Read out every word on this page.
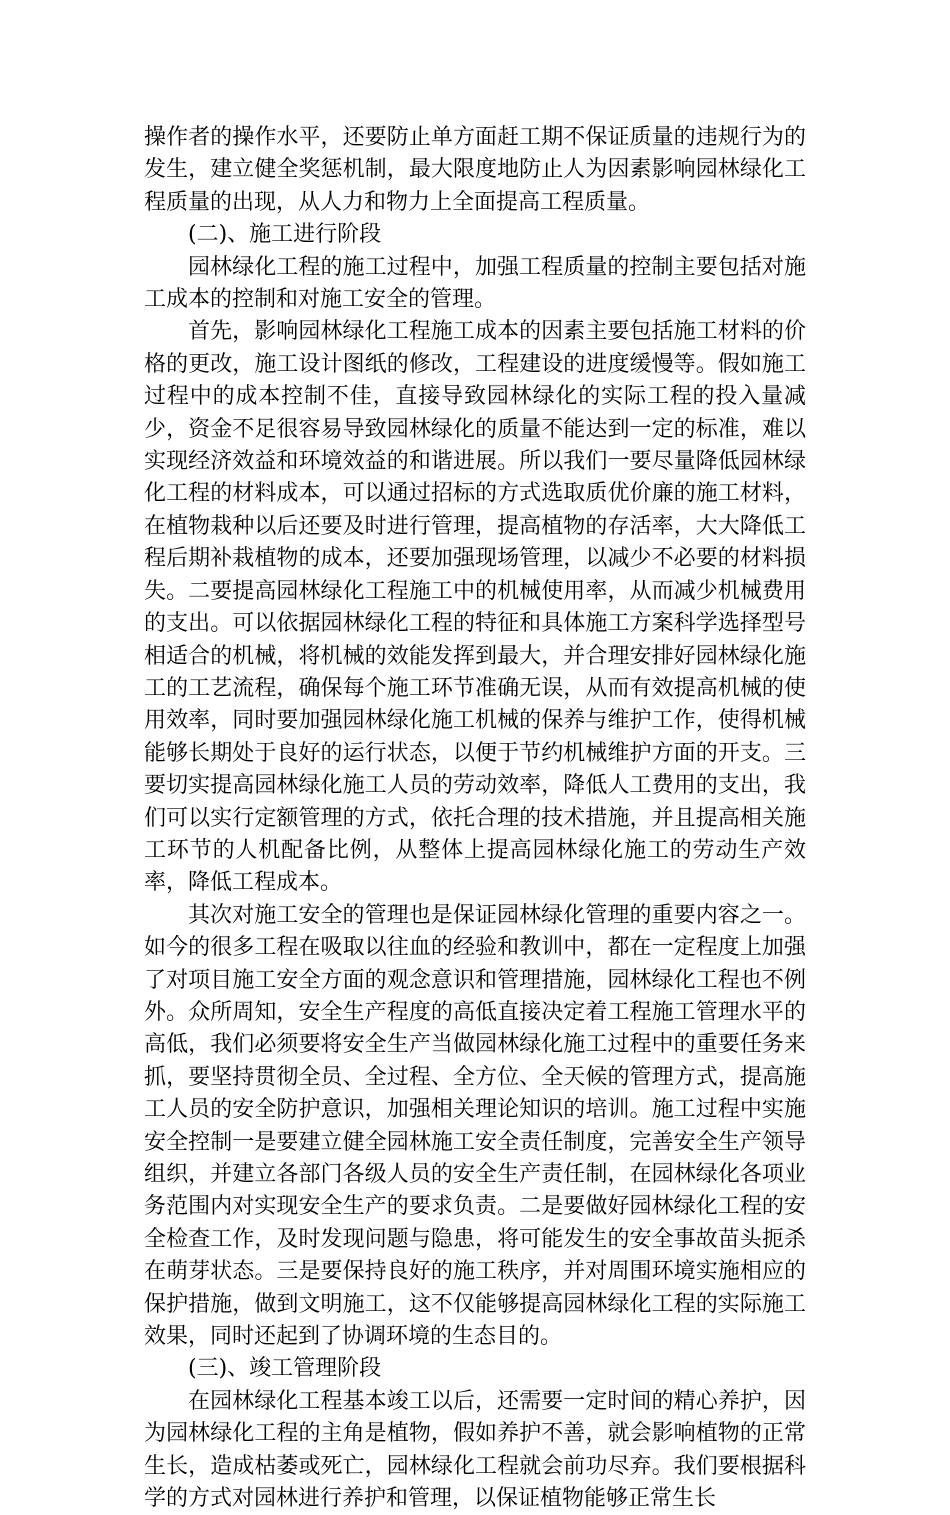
操作者的操作水平，还要防止单方面赶工期不保证质量的违规行为的发生，建立健全奖惩机制，最大限度地防止人为因素影响园林绿化工程质量的出现，从人力和物力上全面提高工程质量。

(二)、施工进行阶段

园林绿化工程的施工过程中，加强工程质量的控制主要包括对施工成本的控制和对施工安全的管理。

首先，影响园林绿化工程施工成本的因素主要包括施工材料的价格的更改，施工设计图纸的修改，工程建设的进度缓慢等。假如施工过程中的成本控制不佳，直接导致园林绿化的实际工程的投入量减少，资金不足很容易导致园林绿化的质量不能达到一定的标准，难以实现经济效益和环境效益的和谐进展。所以我们一要尽量降低园林绿化工程的材料成本，可以通过招标的方式选取质优价廉的施工材料，在植物栽种以后还要及时进行管理，提高植物的存活率，大大降低工程后期补栽植物的成本，还要加强现场管理，以减少不必要的材料损失。二要提高园林绿化工程施工中的机械使用率，从而减少机械费用的支出。可以依据园林绿化工程的特征和具体施工方案科学选择型号相适合的机械，将机械的效能发挥到最大，并合理安排好园林绿化施工的工艺流程，确保每个施工环节准确无误，从而有效提高机械的使用效率，同时要加强园林绿化施工机械的保养与维护工作，使得机械能够长期处于良好的运行状态，以便于节约机械维护方面的开支。三要切实提高园林绿化施工人员的劳动效率，降低人工费用的支出，我们可以实行定额管理的方式，依托合理的技术措施，并且提高相关施工环节的人机配备比例，从整体上提高园林绿化施工的劳动生产效率，降低工程成本。

其次对施工安全的管理也是保证园林绿化管理的重要内容之一。如今的很多工程在吸取以往血的经验和教训中，都在一定程度上加强了对项目施工安全方面的观念意识和管理措施，园林绿化工程也不例外。众所周知，安全生产程度的高低直接决定着工程施工管理水平的高低，我们必须要将安全生产当做园林绿化施工过程中的重要任务来抓，要坚持贯彻全员、全过程、全方位、全天候的管理方式，提高施工人员的安全防护意识，加强相关理论知识的培训。施工过程中实施安全控制一是要建立健全园林施工安全责任制度，完善安全生产领导组织，并建立各部门各级人员的安全生产责任制，在园林绿化各项业务范围内对实现安全生产的要求负责。二是要做好园林绿化工程的安全检查工作，及时发现问题与隐患，将可能发生的安全事故苗头扼杀在萌芽状态。三是要保持良好的施工秩序，并对周围环境实施相应的保护措施，做到文明施工，这不仅能够提高园林绿化工程的实际施工效果，同时还起到了协调环境的生态目的。

(三)、竣工管理阶段

在园林绿化工程基本竣工以后，还需要一定时间的精心养护，因为园林绿化工程的主角是植物，假如养护不善，就会影响植物的正常生长，造成枯萎或死亡，园林绿化工程就会前功尽弃。我们要根据科学的方式对园林进行养护和管理，以保证植物能够正常生长
